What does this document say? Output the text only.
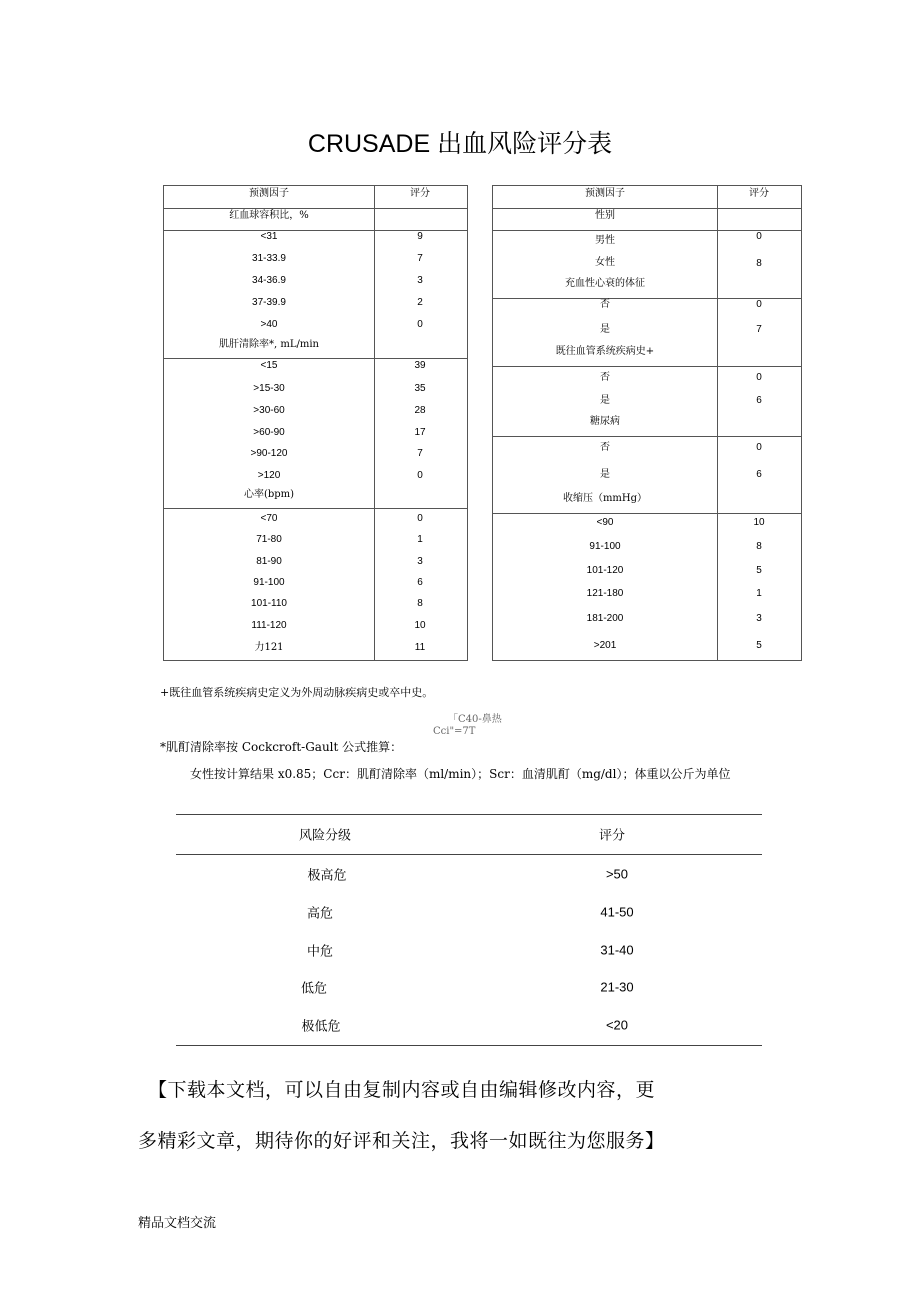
CRUSADE 出血风险评分表
预测因子	评分
红血球容积比，%
<31	9
31-33.9	7
34-36.9	3
37-39.9	2
>40	0
肌肝清除率*, mL/min
<15	39
>15-30	35
>30-60	28
>60-90	17
>90-120	7
>120	0
心率(bpm)
<70	0
71-80	1
81-90	3
91-100	6
101-110	8
111-120	10
力121	11
预测因子	评分
性别
男性	0
女性	8
充血性心衰的体征
否	0
是	7
既往血管系统疾病史+
否	0
是	6
糖尿病
否	0
是	6
收缩压（mmHg）
<90	10
91-100	8
101-120	5
121-180	1
181-200	3
>201	5
+既往血管系统疾病史定义为外周动脉疾病史或卒中史。
「C40-鼻热
Cci"=7T
*肌酊清除率按 Cockcroft-Gault 公式推算：
女性按计算结果 x0.85；Ccr：肌酊清除率（ml/min）；Scr：血清肌酊（mg/dl）；体重以公斤为单位
风险分级	评分
极高危	>50
高危	41-50
中危	31-40
低危	21-30
极低危	<20
【下载本文档，可以自由复制内容或自由编辑修改内容，更
多精彩文章，期待你的好评和关注，我将一如既往为您服务】
精品文档交流
